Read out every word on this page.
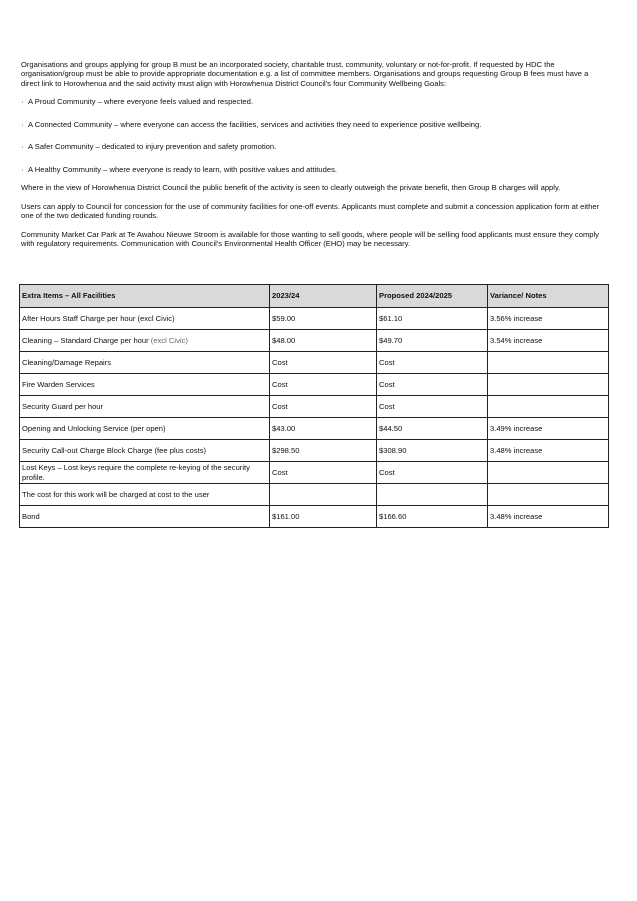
Organisations and groups applying for group B must be an incorporated society, charitable trust, community, voluntary or not-for-profit. If requested by HDC the organisation/group must be able to provide appropriate documentation e.g. a list of committee members. Organisations and groups requesting Group B fees must have a direct link to Horowhenua and the said activity must align with Horowhenua District Council's four Community Wellbeing Goals:

· A Proud Community – where everyone feels valued and respected.

· A Connected Community – where everyone can access the facilities, services and activities they need to experience positive wellbeing.

· A Safer Community – dedicated to injury prevention and safety promotion.

· A Healthy Community – where everyone is ready to learn, with positive values and attitudes.

Where in the view of Horowhenua District Council the public benefit of the activity is seen to clearly outweigh the private benefit, then Group B charges will apply.

Users can apply to Council for concession for the use of community facilities for one-off events. Applicants must complete and submit a concession application form at either one of the two dedicated funding rounds.

Community Market Car Park at Te Awahou Nieuwe Stroom is available for those wanting to sell goods, where people will be selling food applicants must ensure they comply with regulatory requirements. Communication with Council's Environmental Health Officer (EHO) may be necessary.

Extra Items – All Facilities	2023/24	Proposed 2024/2025	Variance/ Notes
After Hours Staff Charge per hour (excl Civic)	$59.00	$61.10	3.56% increase
Cleaning – Standard Charge per hour (excl Civic)	$48.00	$49.70	3.54% increase
Cleaning/Damage Repairs	Cost	Cost	
Fire Warden Services	Cost	Cost	
Security Guard per hour	Cost	Cost	
Opening and Unlocking Service (per open)	$43.00	$44.50	3.49% increase
Security Call-out Charge Block Charge (fee plus costs)	$298.50	$308.90	3.48% increase
Lost Keys – Lost keys require the complete re-keying of the security profile.	Cost	Cost	
The cost for this work will be charged at cost to the user			
Bond	$161.00	$166.60	3.48% increase
